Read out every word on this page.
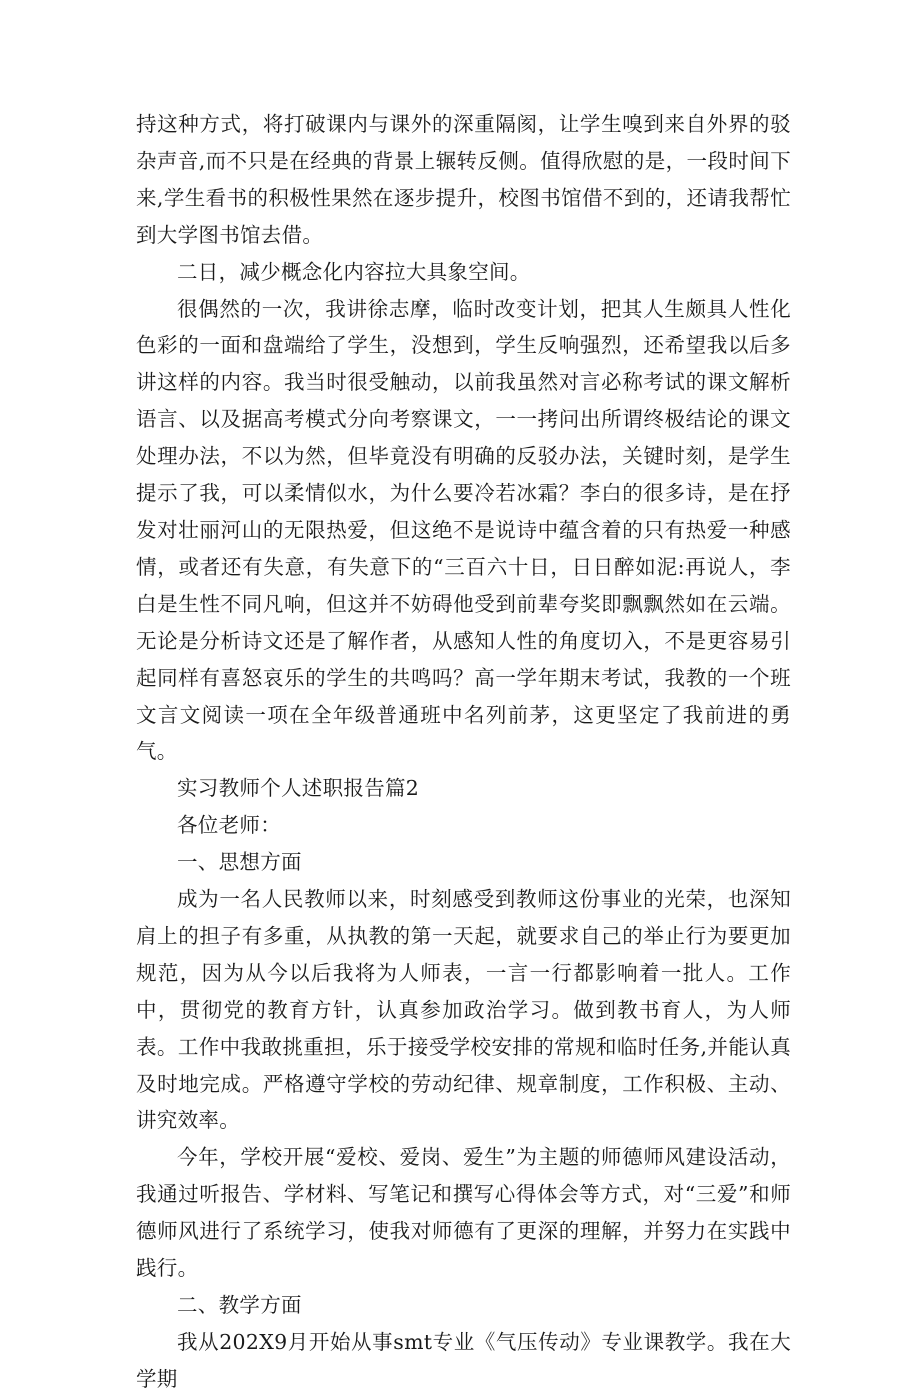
持这种方式，将打破课内与课外的深重隔阂，让学生嗅到来自外界的驳杂声音,而不只是在经典的背景上辗转反侧。值得欣慰的是，一段时间下来,学生看书的积极性果然在逐步提升，校图书馆借不到的，还请我帮忙到大学图书馆去借。

二日，减少概念化内容拉大具象空间。

很偶然的一次，我讲徐志摩，临时改变计划，把其人生颇具人性化色彩的一面和盘端给了学生，没想到，学生反响强烈，还希望我以后多讲这样的内容。我当时很受触动，以前我虽然对言必称考试的课文解析语言、以及据高考模式分向考察课文，一一拷问出所谓终极结论的课文处理办法，不以为然，但毕竟没有明确的反驳办法，关键时刻，是学生提示了我，可以柔情似水，为什么要冷若冰霜？李白的很多诗，是在抒发对壮丽河山的无限热爱，但这绝不是说诗中蕴含着的只有热爱一种感情，或者还有失意，有失意下的“三百六十日，日日醉如泥:再说人，李白是生性不同凡响，但这并不妨碍他受到前辈夸奖即飘飘然如在云端。无论是分析诗文还是了解作者，从感知人性的角度切入，不是更容易引起同样有喜怒哀乐的学生的共鸣吗？高一学年期末考试，我教的一个班文言文阅读一项在全年级普通班中名列前茅，这更坚定了我前进的勇气。

实习教师个人述职报告篇2

各位老师：

一、思想方面

成为一名人民教师以来，时刻感受到教师这份事业的光荣，也深知肩上的担子有多重，从执教的第一天起，就要求自己的举止行为要更加规范，因为从今以后我将为人师表，一言一行都影响着一批人。工作中，贯彻党的教育方针，认真参加政治学习。做到教书育人，为人师表。工作中我敢挑重担，乐于接受学校安排的常规和临时任务,并能认真及时地完成。严格遵守学校的劳动纪律、规章制度，工作积极、主动、讲究效率。

今年，学校开展“爱校、爱岗、爱生”为主题的师德师风建设活动，我通过听报告、学材料、写笔记和撰写心得体会等方式，对“三爱”和师德师风进行了系统学习，使我对师德有了更深的理解，并努力在实践中践行。

二、教学方面

我从202X9月开始从事smt专业《气压传动》专业课教学。我在大学期
